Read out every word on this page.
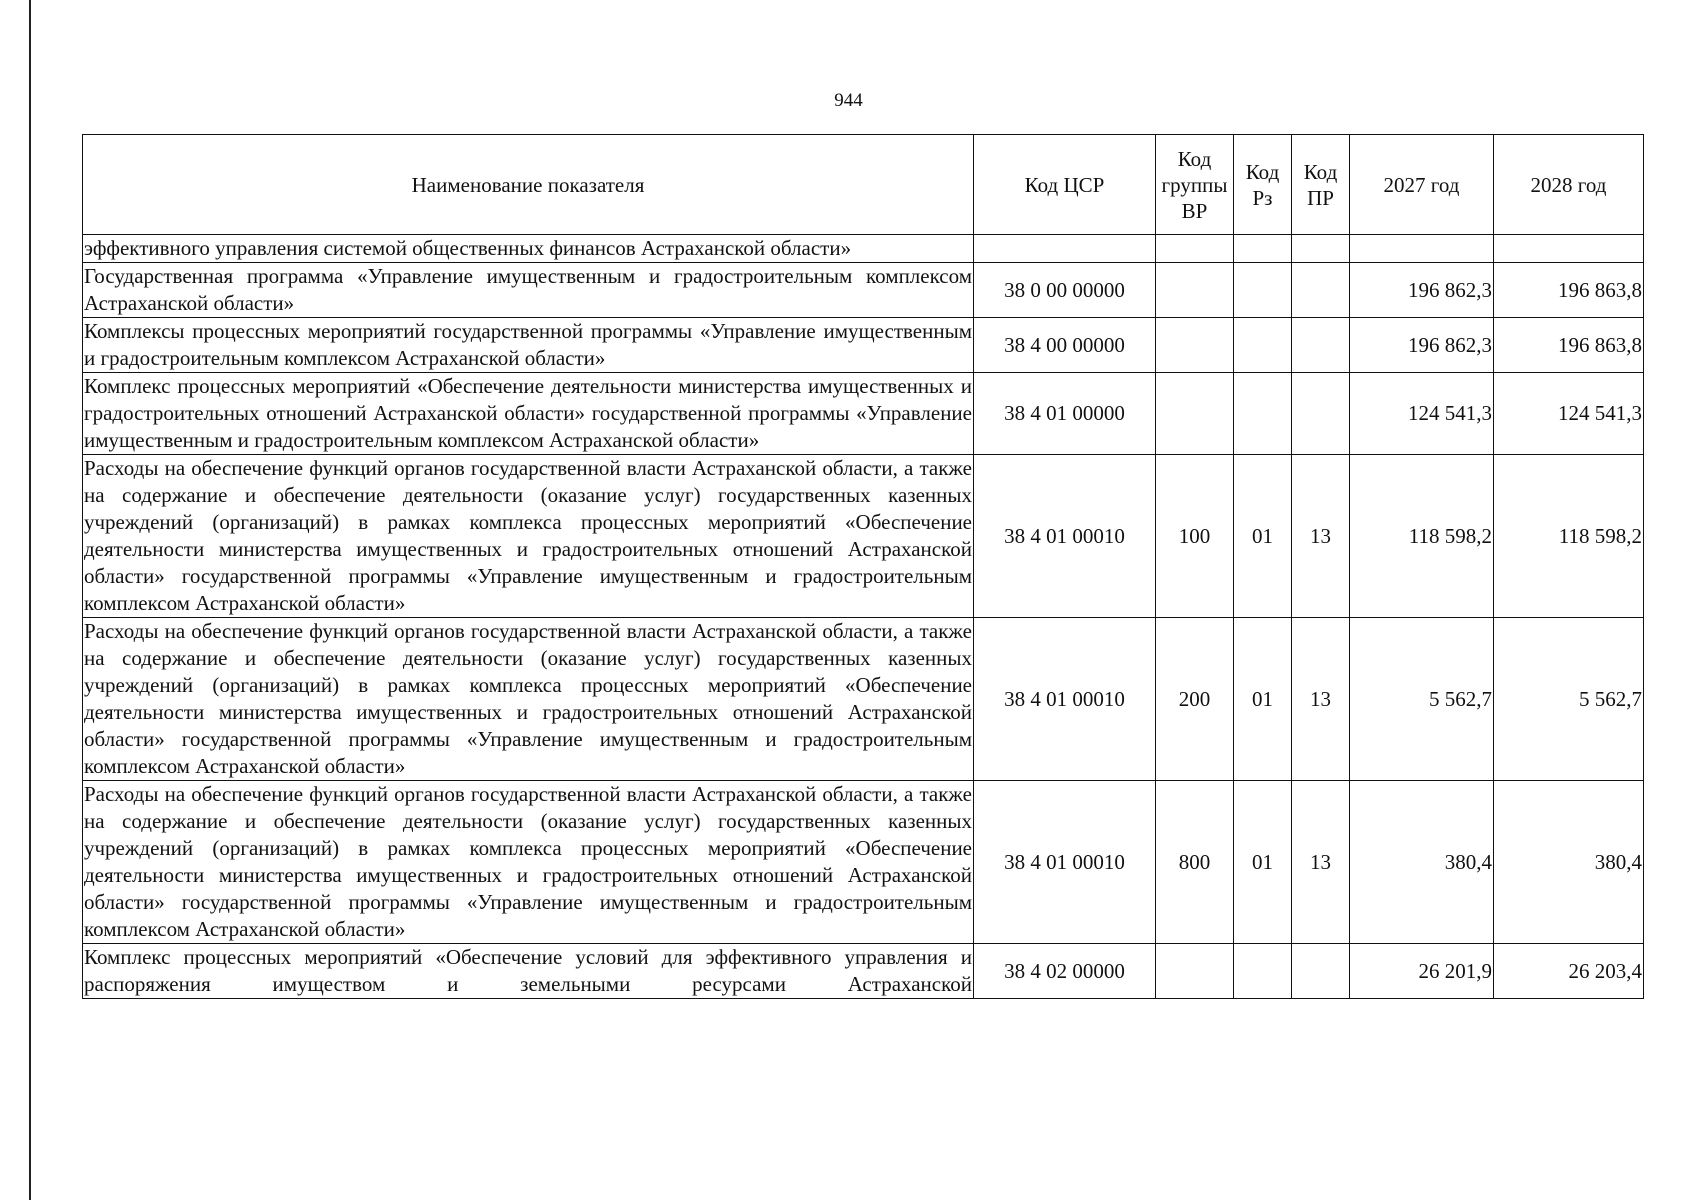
944
Наименование показателя	Код ЦСР	Код группы ВР	Код Рз	Код ПР	2027 год	2028 год
эффективного управления системой общественных финансов Астраханской области»						
Государственная программа «Управление имущественным и градостроительным комплексом Астраханской области»	38 0 00 00000				196 862,3	196 863,8
Комплексы процессных мероприятий государственной программы «Управление имущественным и градостроительным комплексом Астраханской области»	38 4 00 00000				196 862,3	196 863,8
Комплекс процессных мероприятий «Обеспечение деятельности министерства имущественных и градостроительных отношений Астраханской области» государственной программы «Управление имущественным и градостроительным комплексом Астраханской области»	38 4 01 00000				124 541,3	124 541,3
Расходы на обеспечение функций органов государственной власти Астраханской области, а также на содержание и обеспечение деятельности (оказание услуг) государственных казенных учреждений (организаций) в рамках комплекса процессных мероприятий «Обеспечение деятельности министерства имущественных и градостроительных отношений Астраханской области» государственной программы «Управление имущественным и градостроительным комплексом Астраханской области»	38 4 01 00010	100	01	13	118 598,2	118 598,2
Расходы на обеспечение функций органов государственной власти Астраханской области, а также на содержание и обеспечение деятельности (оказание услуг) государственных казенных учреждений (организаций) в рамках комплекса процессных мероприятий «Обеспечение деятельности министерства имущественных и градостроительных отношений Астраханской области» государственной программы «Управление имущественным и градостроительным комплексом Астраханской области»	38 4 01 00010	200	01	13	5 562,7	5 562,7
Расходы на обеспечение функций органов государственной власти Астраханской области, а также на содержание и обеспечение деятельности (оказание услуг) государственных казенных учреждений (организаций) в рамках комплекса процессных мероприятий «Обеспечение деятельности министерства имущественных и градостроительных отношений Астраханской области» государственной программы «Управление имущественным и градостроительным комплексом Астраханской области»	38 4 01 00010	800	01	13	380,4	380,4
Комплекс процессных мероприятий «Обеспечение условий для эффективного управления и распоряжения имуществом и земельными ресурсами Астраханской	38 4 02 00000				26 201,9	26 203,4
